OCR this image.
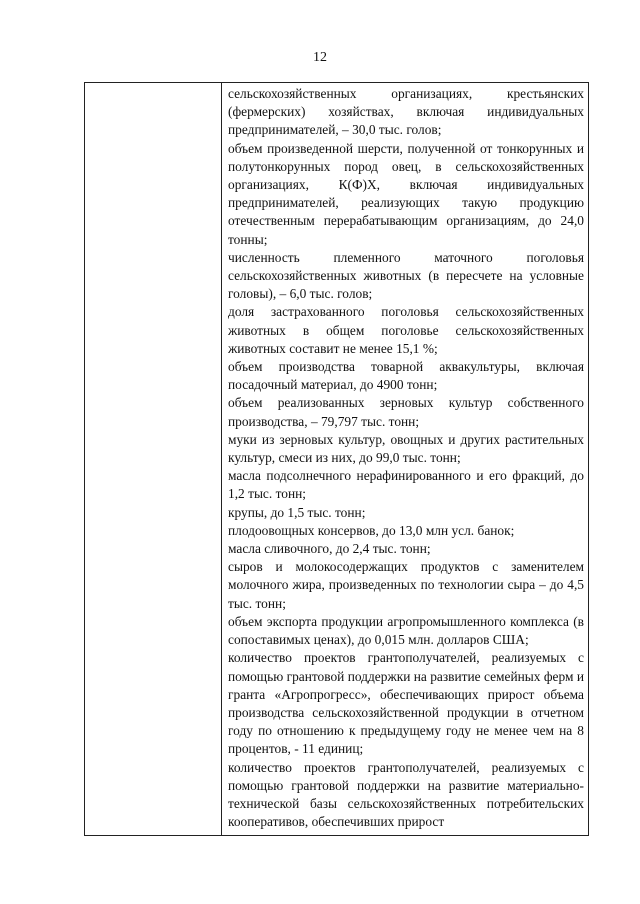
12

сельскохозяйственных организациях, крестьянских (фермерских) хозяйствах, включая индивидуальных предпринимателей, – 30,0 тыс. голов;

объем произведенной шерсти, полученной от тонкорунных и полутонкорунных пород овец, в сельскохозяйственных организациях, К(Ф)Х, включая индивидуальных предпринимателей, реализующих такую продукцию отечественным перерабатывающим организациям, до 24,0 тонны;

численность племенного маточного поголовья сельскохозяйственных животных (в пересчете на условные головы), – 6,0 тыс. голов;

доля застрахованного поголовья сельскохозяйственных животных в общем поголовье сельскохозяйственных животных составит не менее 15,1 %;

объем производства товарной аквакультуры, включая посадочный материал, до 4900 тонн;

объем реализованных зерновых культур собственного производства, – 79,797 тыс. тонн;

муки из зерновых культур, овощных и других растительных культур, смеси из них, до 99,0 тыс. тонн;

масла подсолнечного нерафинированного и его фракций, до 1,2 тыс. тонн;

крупы, до 1,5 тыс. тонн;

плодоовощных консервов, до 13,0 млн усл. банок;

масла сливочного, до 2,4 тыс. тонн;

сыров и молокосодержащих продуктов с заменителем молочного жира, произведенных по технологии сыра – до 4,5 тыс. тонн;

объем экспорта продукции агропромышленного комплекса (в сопоставимых ценах), до 0,015 млн. долларов США;

количество проектов грантополучателей, реализуемых с помощью грантовой поддержки на развитие семейных ферм и гранта «Агропрогресс», обеспечивающих прирост объема производства сельскохозяйственной продукции в отчетном году по отношению к предыдущему году не менее чем на 8 процентов, - 11 единиц;

количество проектов грантополучателей, реализуемых с помощью грантовой поддержки на развитие материально-технической базы сельскохозяйственных потребительских кооперативов, обеспечивших прирост
